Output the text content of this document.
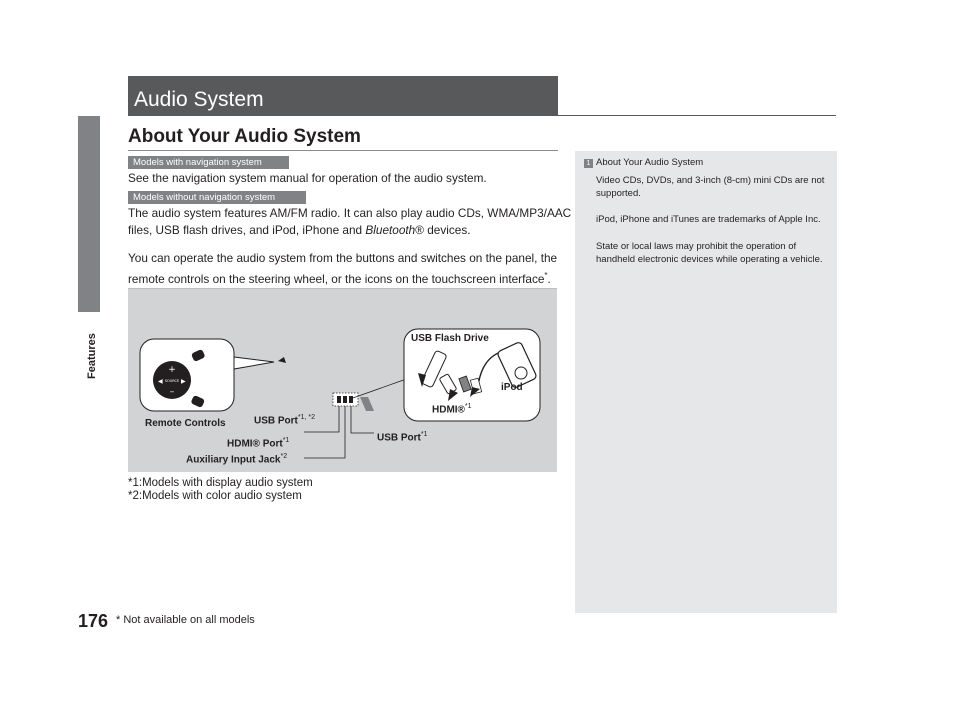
Features
176 * Not available on all models
Audio System
About Your Audio System
Models with navigation system
See the navigation system manual for operation of the audio system.
Models without navigation system
The audio system features AM/FM radio. It can also play audio CDs, WMA/MP3/AAC
files, USB flash drives, and iPod, iPhone and Bluetooth® devices.
You can operate the audio system from the buttons and switches on the panel, the
remote controls on the steering wheel, or the icons on the touchscreen interface*.
+
–
◀	▶
SOURCE
USB Flash Drive
iPod
HDMI®$^{*1}$
Remote Controls	USB Port$^{*1, *2}$
HDMI® Port$^{*1}$
Auxiliary Input Jack$^{*2}$
USB Port$^{*1}$
*1:Models with display audio system
*2:Models with color audio system
1 About Your Audio System
Video CDs, DVDs, and 3-inch (8-cm) mini CDs are not supported.
iPod, iPhone and iTunes are trademarks of Apple Inc.
State or local laws may prohibit the operation of handheld electronic devices while operating a vehicle.
